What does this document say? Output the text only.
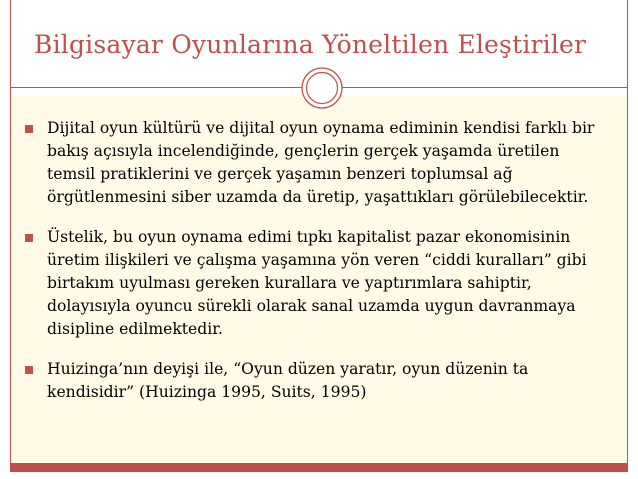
Bilgisayar Oyunlarına Yöneltilen Eleştiriler
Dijital oyun kültürü ve dijital oyun oynama ediminin kendisi farklı bir bakış açısıyla incelendiğinde, gençlerin gerçek yaşamda üretilen temsil pratiklerini ve gerçek yaşamın benzeri toplumsal ağ örgütlenmesini siber uzamda da üretip, yaşattıkları görülebilecektir.
Üstelik, bu oyun oynama edimi tıpkı kapitalist pazar ekonomisinin üretim ilişkileri ve çalışma yaşamına yön veren “ciddi kuralları” gibi birtakım uyulması gereken kurallara ve yaptırımlara sahiptir, dolayısıyla oyuncu sürekli olarak sanal uzamda uygun davranmaya disipline edilmektedir.
Huizinga’nın deyişi ile, “Oyun düzen yaratır, oyun düzenin ta kendisidir” (Huizinga 1995, Suits, 1995)
